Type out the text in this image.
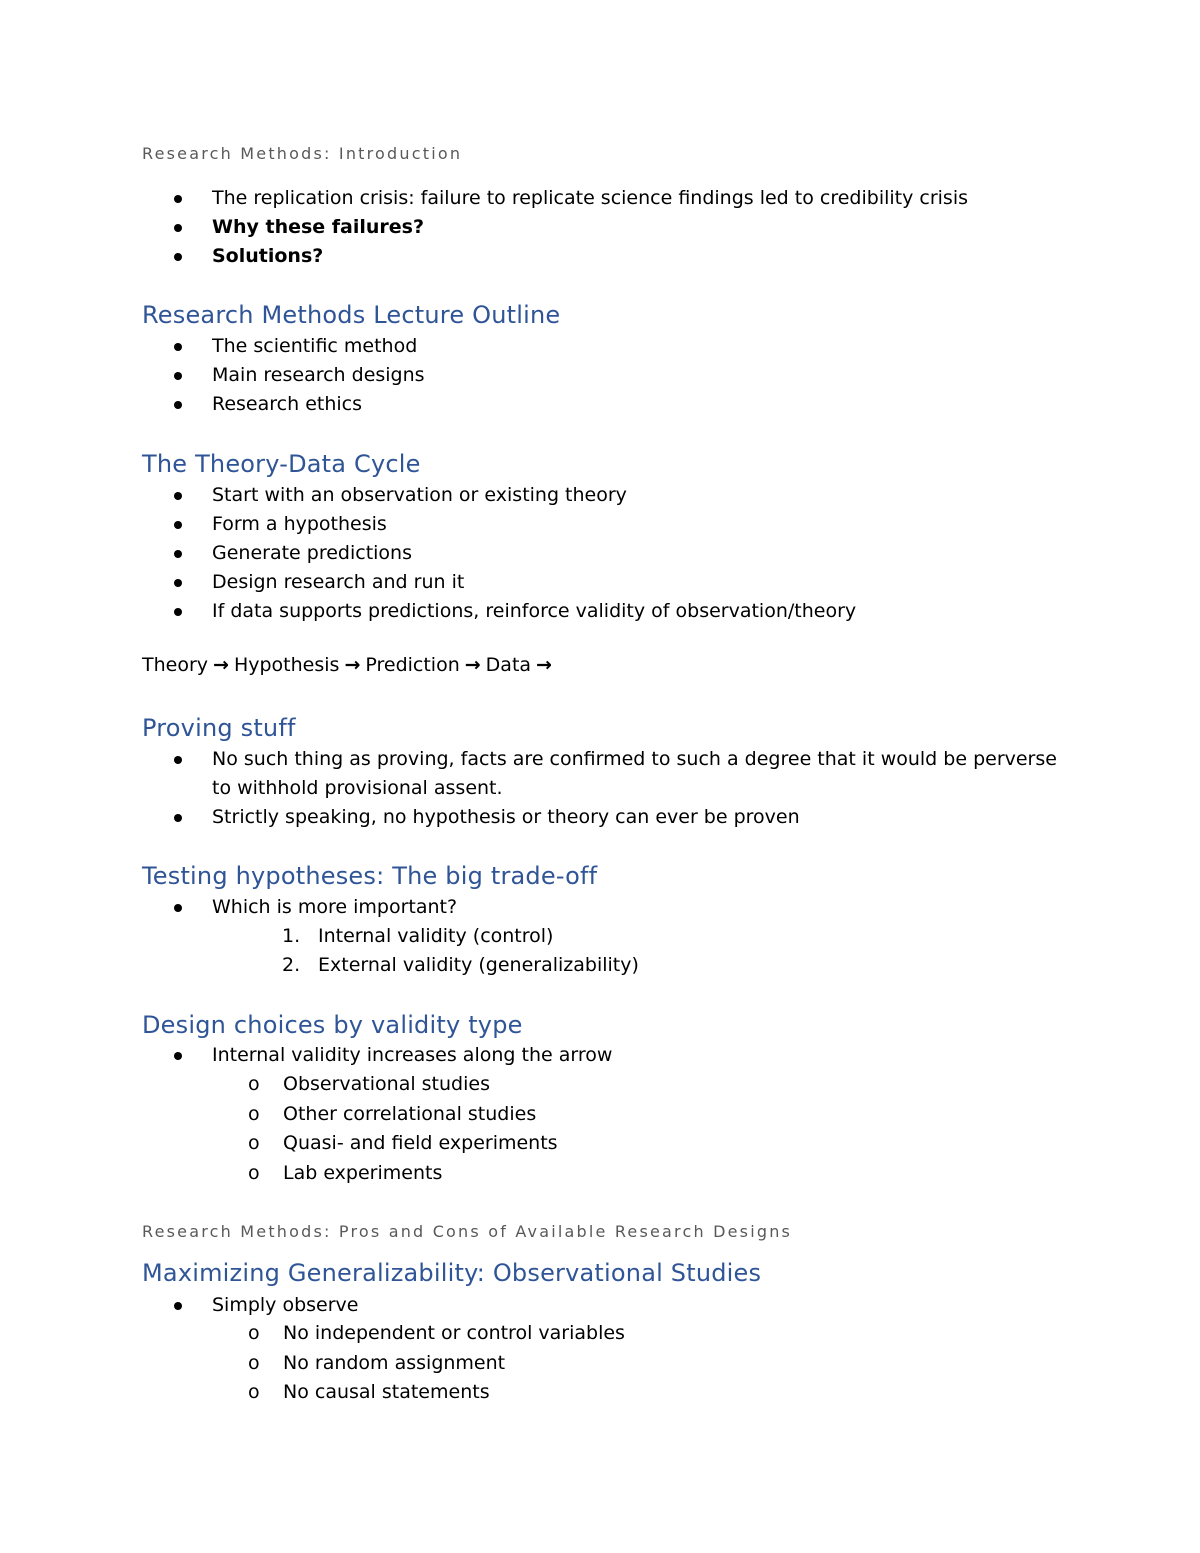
Research Methods: Introduction

The replication crisis: failure to replicate science findings led to credibility crisis
Why these failures?
Solutions?
Research Methods Lecture Outline
The scientific method
Main research designs
Research ethics
The Theory-Data Cycle
Start with an observation or existing theory
Form a hypothesis
Generate predictions
Design research and run it
If data supports predictions, reinforce validity of observation/theory

Theory → Hypothesis → Prediction → Data →

Proving stuff
No such thing as proving, facts are confirmed to such a degree that it would be perverse to withhold provisional assent.
Strictly speaking, no hypothesis or theory can ever be proven
Testing hypotheses: The big trade-off
Which is more important?
1. Internal validity (control)
2. External validity (generalizability)
Design choices by validity type
Internal validity increases along the arrow
o Observational studies
o Other correlational studies
o Quasi- and field experiments
o Lab experiments

Research Methods: Pros and Cons of Available Research Designs

Maximizing Generalizability: Observational Studies
Simply observe
o No independent or control variables
o No random assignment
o No causal statements
